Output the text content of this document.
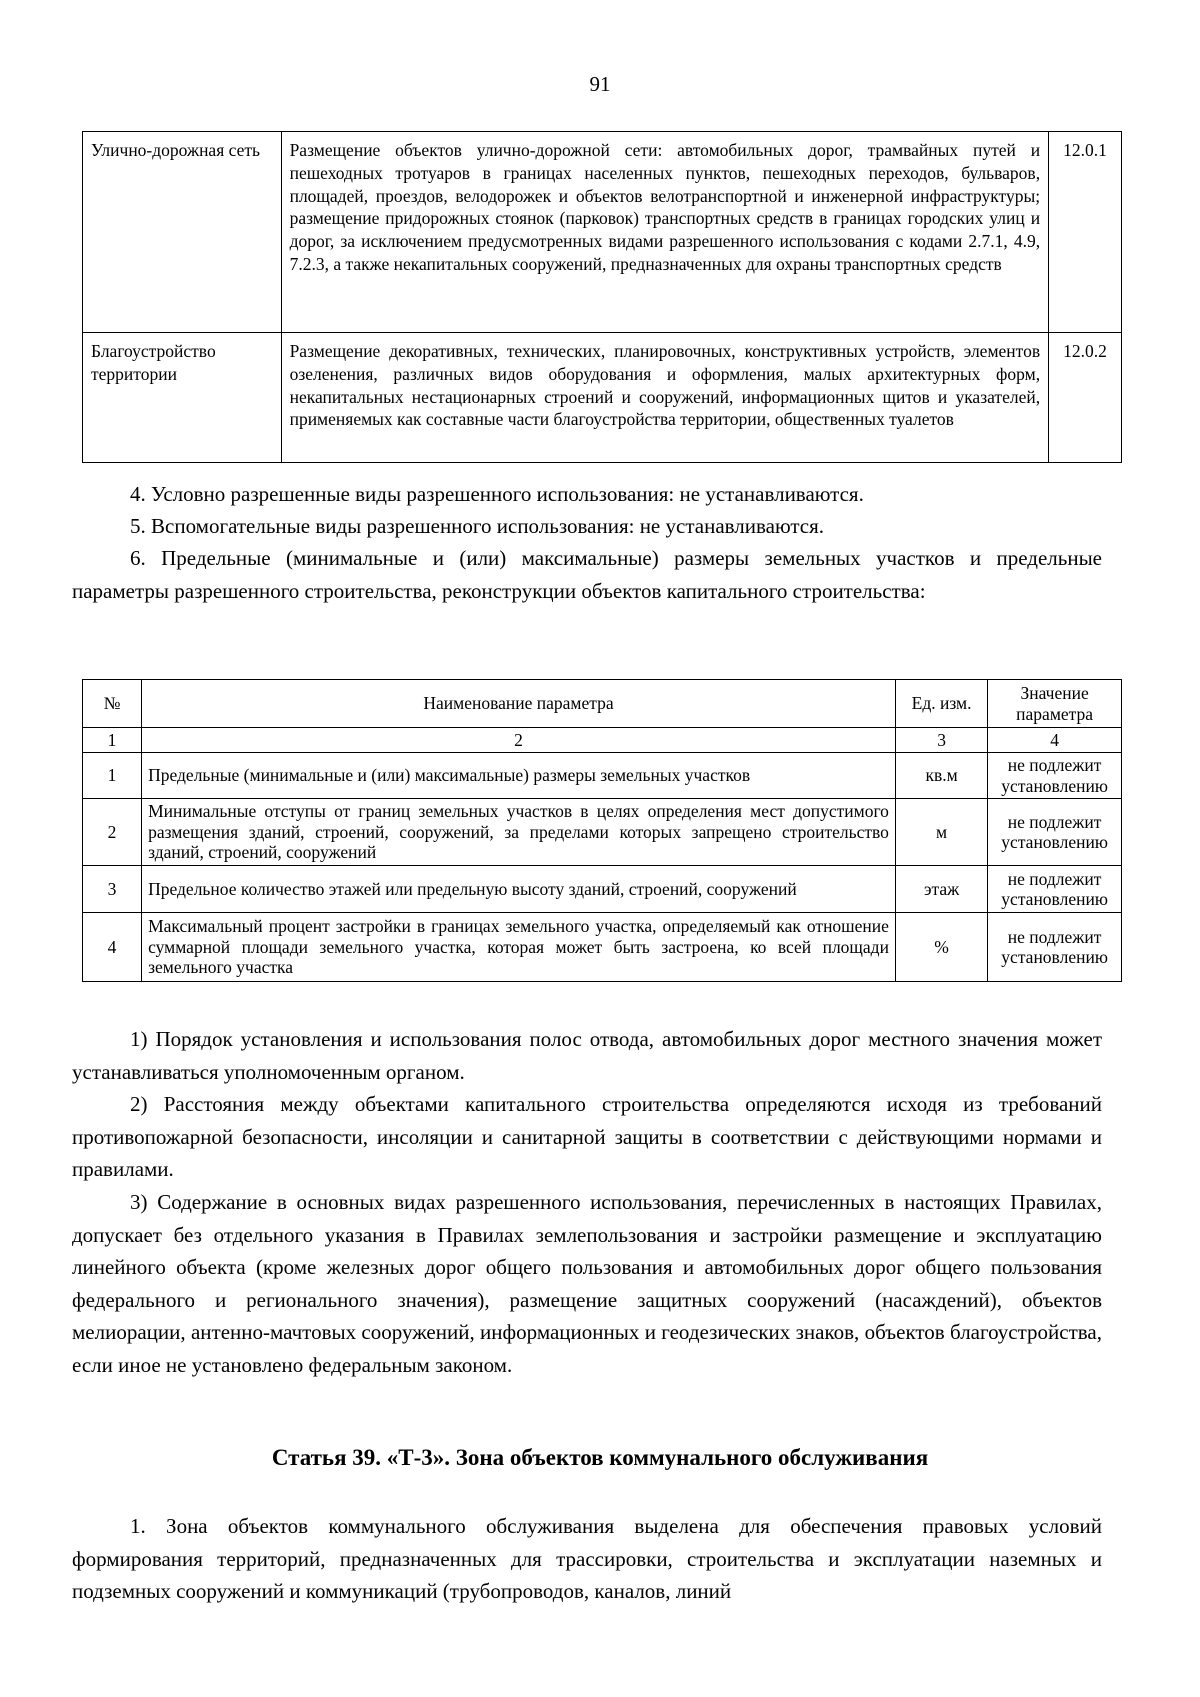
91
Улично-дорожная сеть	Размещение объектов улично-дорожной сети: автомобильных дорог, трамвайных путей и пешеходных тротуаров в границах населенных пунктов, пешеходных переходов, бульваров, площадей, проездов, велодорожек и объектов велотранспортной и инженерной инфраструктуры; размещение придорожных стоянок (парковок) транспортных средств в границах городских улиц и дорог, за исключением предусмотренных видами разрешенного использования с кодами 2.7.1, 4.9, 7.2.3, а также некапитальных сооружений, предназначенных для охраны транспортных средств	12.0.1
Благоустройство территории	Размещение декоративных, технических, планировочных, конструктивных устройств, элементов озеленения, различных видов оборудования и оформления, малых архитектурных форм, некапитальных нестационарных строений и сооружений, информационных щитов и указателей, применяемых как составные части благоустройства территории, общественных туалетов	12.0.2

4. Условно разрешенные виды разрешенного использования: не устанавливаются.

5. Вспомогательные виды разрешенного использования: не устанавливаются.

6. Предельные (минимальные и (или) максимальные) размеры земельных участков и предельные параметры разрешенного строительства, реконструкции объектов капитального строительства:

№	Наименование параметра	Ед. изм.	Значение параметра
1	2	3	4
1	Предельные (минимальные и (или) максимальные) размеры земельных участков	кв.м	не подлежит установлению
2	Минимальные отступы от границ земельных участков в целях определения мест допустимого размещения зданий, строений, сооружений, за пределами которых запрещено строительство зданий, строений, сооружений	м	не подлежит установлению
3	Предельное количество этажей или предельную высоту зданий, строений, сооружений	этаж	не подлежит установлению
4	Максимальный процент застройки в границах земельного участка, определяемый как отношение суммарной площади земельного участка, которая может быть застроена, ко всей площади земельного участка	%	не подлежит установлению

1) Порядок установления и использования полос отвода, автомобильных дорог местного значения может устанавливаться уполномоченным органом.

2) Расстояния между объектами капитального строительства определяются исходя из требований противопожарной безопасности, инсоляции и санитарной защиты в соответствии с действующими нормами и правилами.

3) Содержание в основных видах разрешенного использования, перечисленных в настоящих Правилах, допускает без отдельного указания в Правилах землепользования и застройки размещение и эксплуатацию линейного объекта (кроме железных дорог общего пользования и автомобильных дорог общего пользования федерального и регионального значения), размещение защитных сооружений (насаждений), объектов мелиорации, антенно-мачтовых сооружений, информационных и геодезических знаков, объектов благоустройства, если иное не установлено федеральным законом.

Статья 39. «Т-3». Зона объектов коммунального обслуживания

1. Зона объектов коммунального обслуживания выделена для обеспечения правовых условий формирования территорий, предназначенных для трассировки, строительства и эксплуатации наземных и подземных сооружений и коммуникаций (трубопроводов, каналов, линий
